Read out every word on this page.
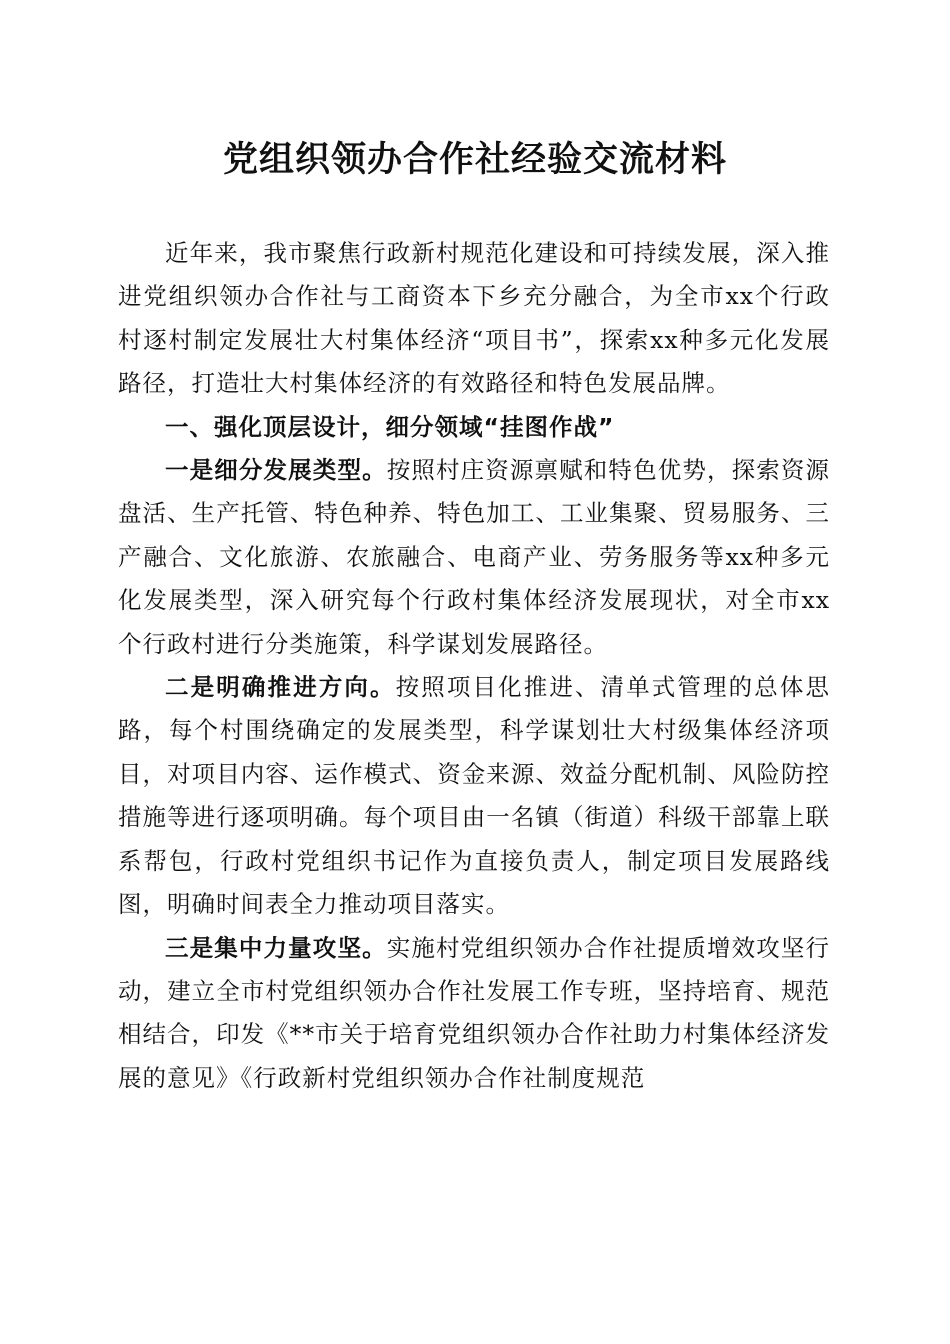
党组织领办合作社经验交流材料

近年来，我市聚焦行政新村规范化建设和可持续发展，深入推进党组织领办合作社与工商资本下乡充分融合，为全市xx个行政村逐村制定发展壮大村集体经济“项目书”，探索xx种多元化发展路径，打造壮大村集体经济的有效路径和特色发展品牌。

一、强化顶层设计，细分领域“挂图作战”

一是细分发展类型。按照村庄资源禀赋和特色优势，探索资源盘活、生产托管、特色种养、特色加工、工业集聚、贸易服务、三产融合、文化旅游、农旅融合、电商产业、劳务服务等xx种多元化发展类型，深入研究每个行政村集体经济发展现状，对全市xx个行政村进行分类施策，科学谋划发展路径。

二是明确推进方向。按照项目化推进、清单式管理的总体思路，每个村围绕确定的发展类型，科学谋划壮大村级集体经济项目，对项目内容、运作模式、资金来源、效益分配机制、风险防控措施等进行逐项明确。每个项目由一名镇（街道）科级干部靠上联系帮包，行政村党组织书记作为直接负责人，制定项目发展路线图，明确时间表全力推动项目落实。

三是集中力量攻坚。实施村党组织领办合作社提质增效攻坚行动，建立全市村党组织领办合作社发展工作专班，坚持培育、规范相结合，印发《**市关于培育党组织领办合作社助力村集体经济发展的意见》《行政新村党组织领办合作社制度规范
